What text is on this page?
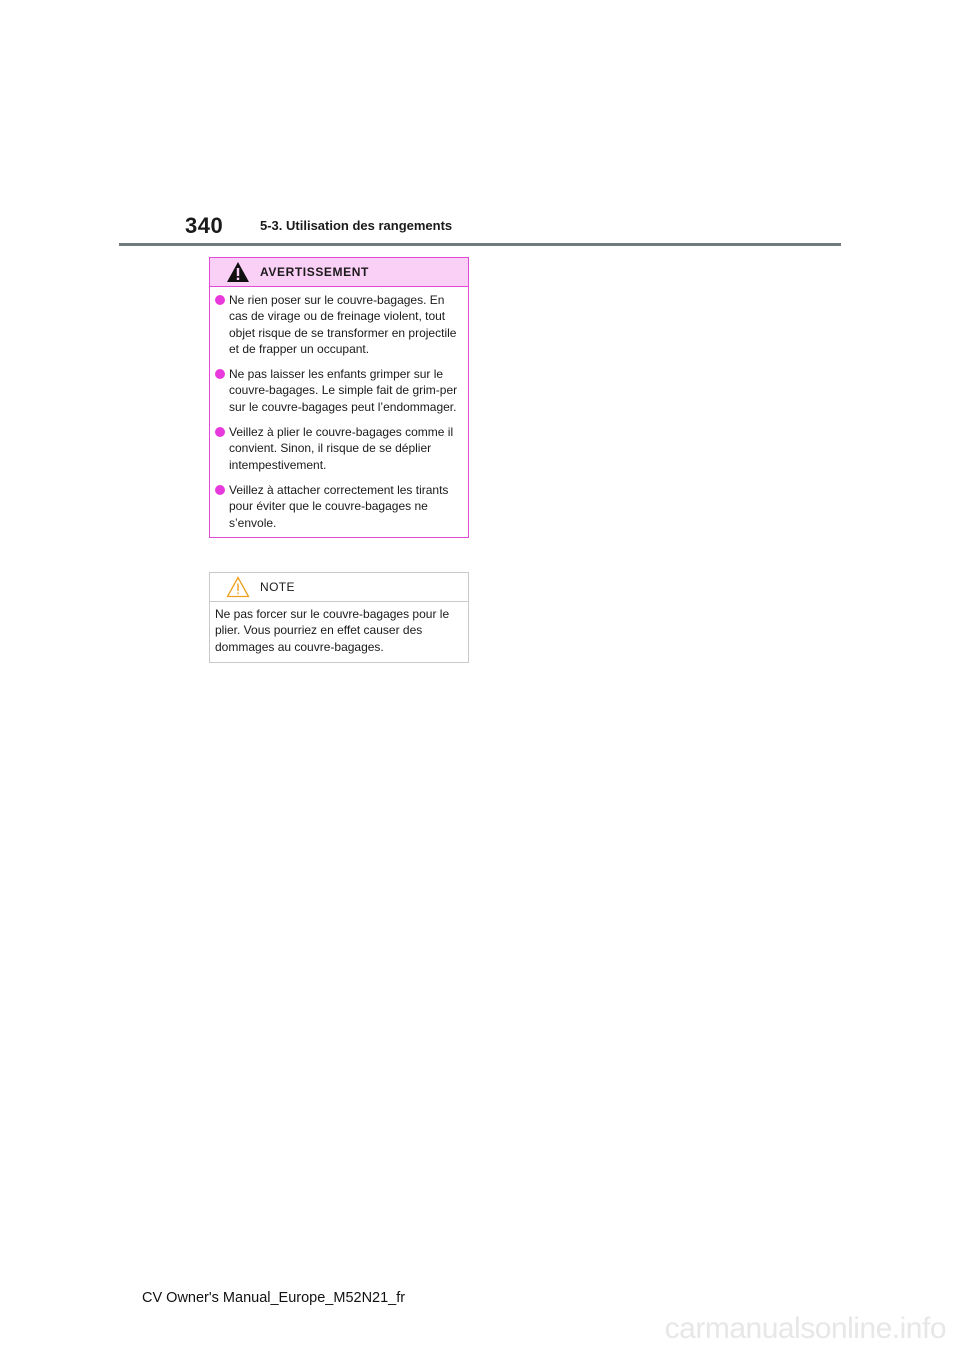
340	5-3. Utilisation des rangements
AVERTISSEMENT
Ne rien poser sur le couvre-bagages. En cas de virage ou de freinage violent, tout objet risque de se transformer en projectile et de frapper un occupant.
Ne pas laisser les enfants grimper sur le couvre-bagages. Le simple fait de grim-per sur le couvre-bagages peut l’endommager.
Veillez à plier le couvre-bagages comme il convient. Sinon, il risque de se déplier intempestivement.
Veillez à attacher correctement les tirants pour éviter que le couvre-bagages ne s’envole.
NOTE
Ne pas forcer sur le couvre-bagages pour le plier. Vous pourriez en effet causer des dommages au couvre-bagages.
CV Owner's Manual_Europe_M52N21_fr
carmanualsonline.info
